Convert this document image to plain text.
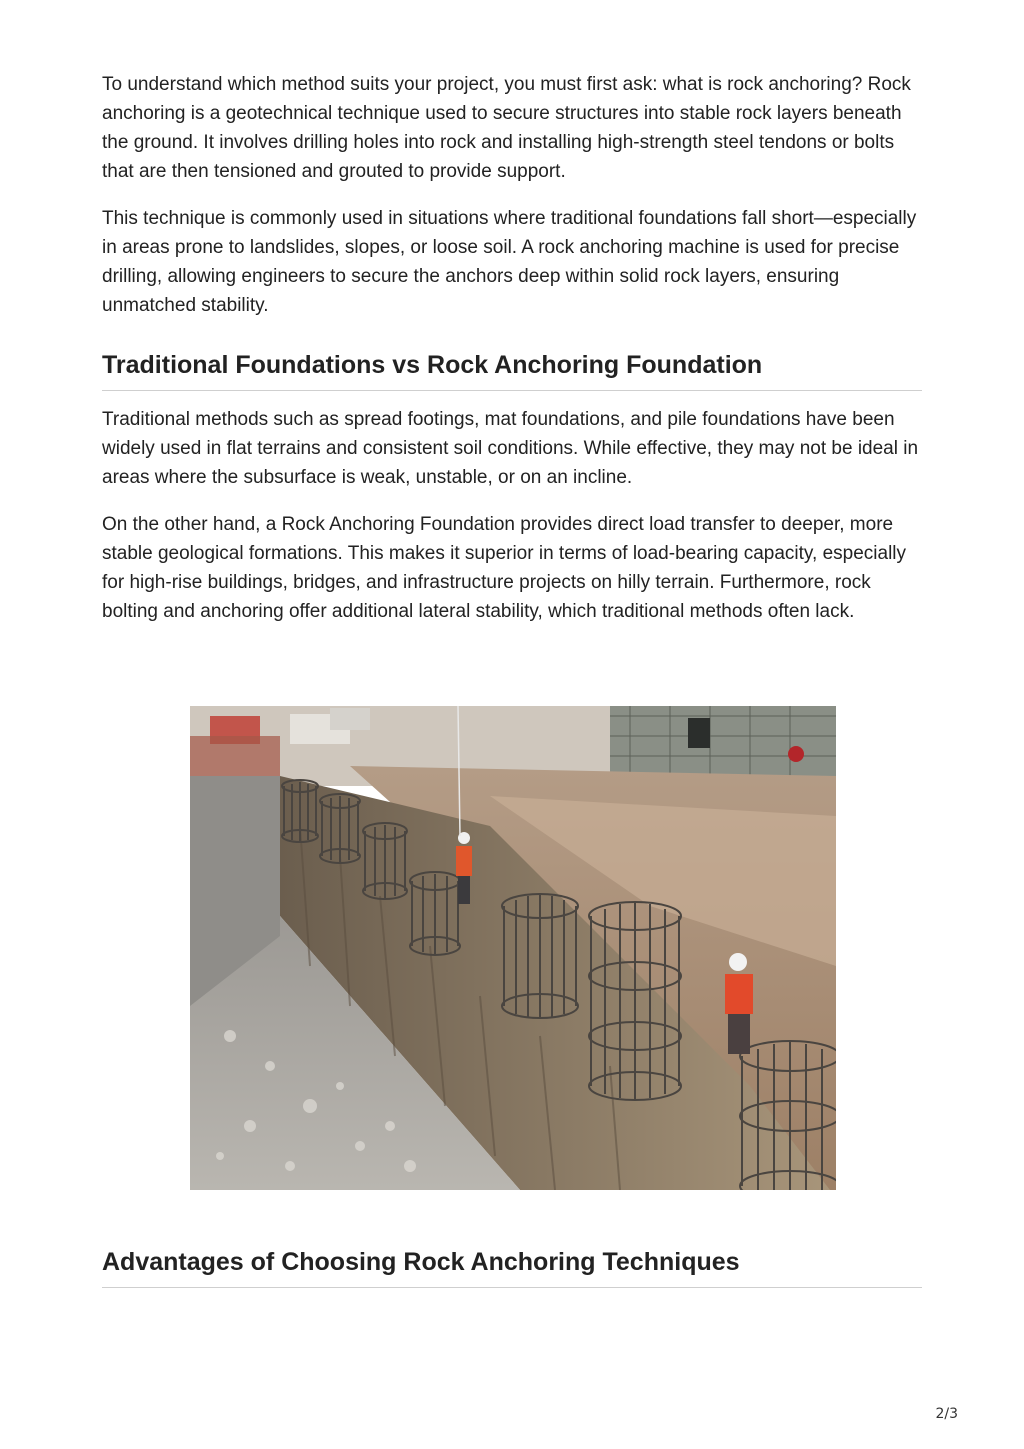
To understand which method suits your project, you must first ask: what is rock anchoring? Rock anchoring is a geotechnical technique used to secure structures into stable rock layers beneath the ground. It involves drilling holes into rock and installing high-strength steel tendons or bolts that are then tensioned and grouted to provide support.

This technique is commonly used in situations where traditional foundations fall short—especially in areas prone to landslides, slopes, or loose soil. A rock anchoring machine is used for precise drilling, allowing engineers to secure the anchors deep within solid rock layers, ensuring unmatched stability.

Traditional Foundations vs Rock Anchoring Foundation

Traditional methods such as spread footings, mat foundations, and pile foundations have been widely used in flat terrains and consistent soil conditions. While effective, they may not be ideal in areas where the subsurface is weak, unstable, or on an incline.

On the other hand, a Rock Anchoring Foundation provides direct load transfer to deeper, more stable geological formations. This makes it superior in terms of load-bearing capacity, especially for high-rise buildings, bridges, and infrastructure projects on hilly terrain. Furthermore, rock bolting and anchoring offer additional lateral stability, which traditional methods often lack.

Advantages of Choosing Rock Anchoring Techniques
2/3
